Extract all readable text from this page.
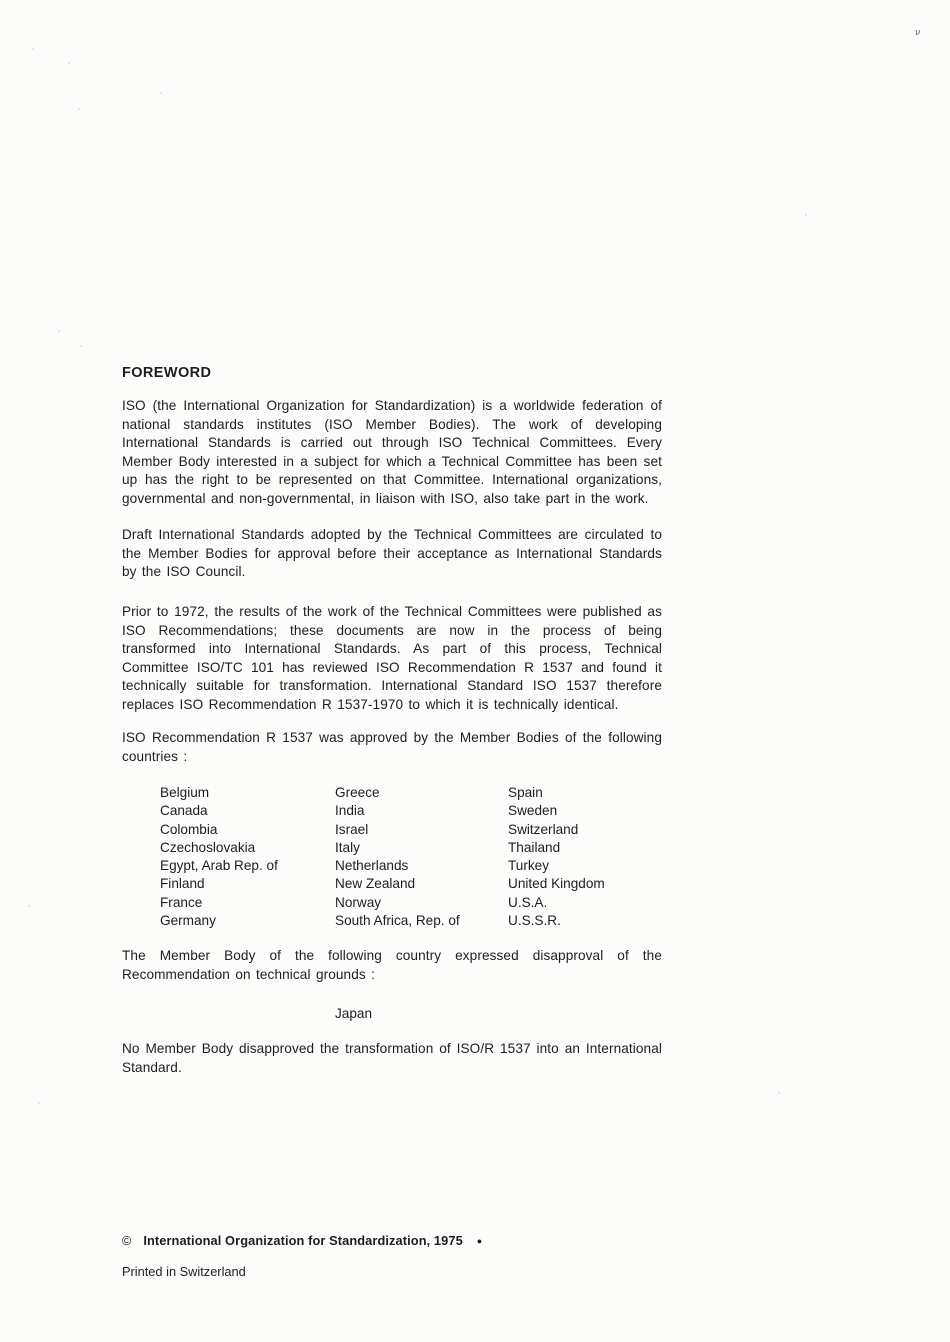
ν
FOREWORD

ISO (the International Organization for Standardization) is a worldwide federation of national standards institutes (ISO Member Bodies). The work of developing International Standards is carried out through ISO Technical Committees. Every Member Body interested in a subject for which a Technical Committee has been set up has the right to be represented on that Committee. International organizations, governmental and non-governmental, in liaison with ISO, also take part in the work.

Draft International Standards adopted by the Technical Committees are circulated to the Member Bodies for approval before their acceptance as International Standards by the ISO Council.

Prior to 1972, the results of the work of the Technical Committees were published as ISO Recommendations; these documents are now in the process of being transformed into International Standards. As part of this process, Technical Committee ISO/TC 101 has reviewed ISO Recommendation R 1537 and found it technically suitable for transformation. International Standard ISO 1537 therefore replaces ISO Recommendation R 1537-1970 to which it is technically identical.

ISO Recommendation R 1537 was approved by the Member Bodies of the following countries :

Belgium
Canada
Colombia
Czechoslovakia
Egypt, Arab Rep. of
Finland
France
Germany
Greece
India
Israel
Italy
Netherlands
New Zealand
Norway
South Africa, Rep. of
Spain
Sweden
Switzerland
Thailand
Turkey
United Kingdom
U.S.A.
U.S.S.R.

The Member Body of the following country expressed disapproval of the Recommendation on technical grounds :

Japan

No Member Body disapproved the transformation of ISO/R 1537 into an International Standard.

© International Organization for Standardization, 1975 ●
Printed in Switzerland
